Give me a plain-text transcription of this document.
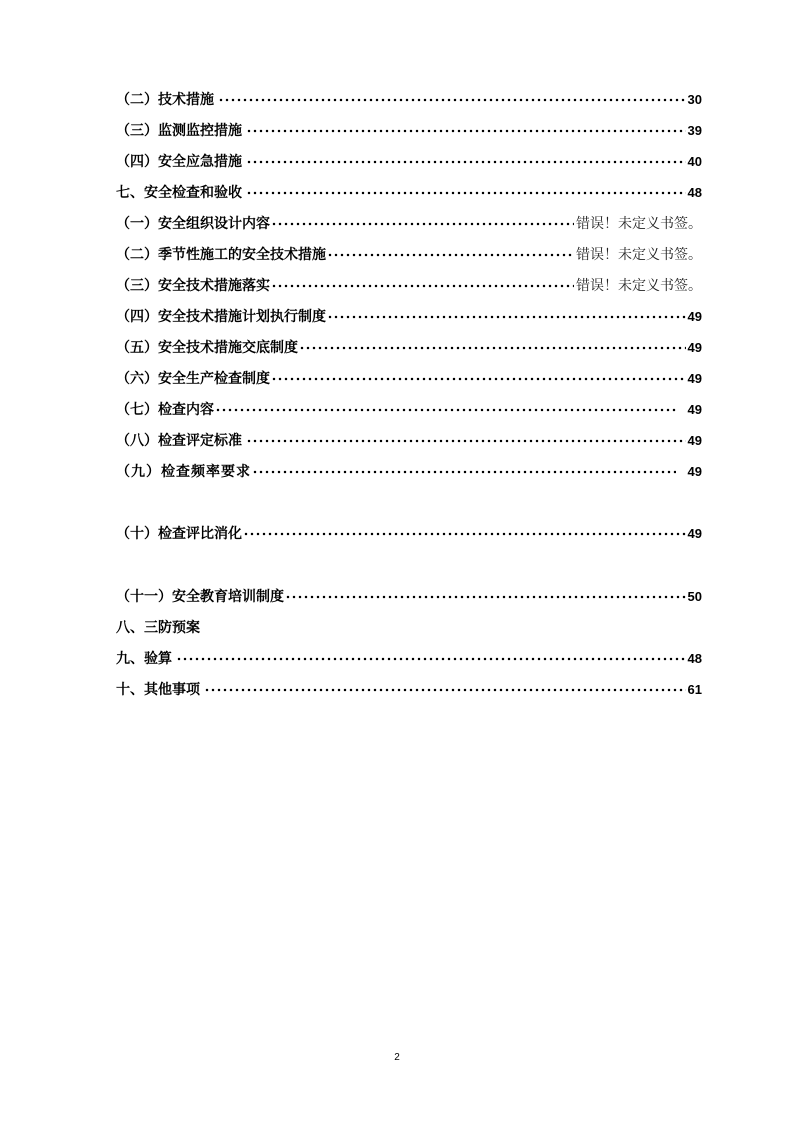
（二）技术措施	30
（三）监测监控措施	39
（四）安全应急措施	40
七、安全检查和验收	48
（一）安全组织设计内容	错误！未定义书签。
（二）季节性施工的安全技术措施	错误！未定义书签。
（三）安全技术措施落实	错误！未定义书签。
（四）安全技术措施计划执行制度	49
（五）安全技术措施交底制度	49
（六）安全生产检查制度	49
（七）检查内容	49
（八）检查评定标准	49
（九）检查频率要求	49
（十）检查评比消化	49
（十一）安全教育培训制度	50
八、三防预案
九、验算	48
十、其他事项	61
2
